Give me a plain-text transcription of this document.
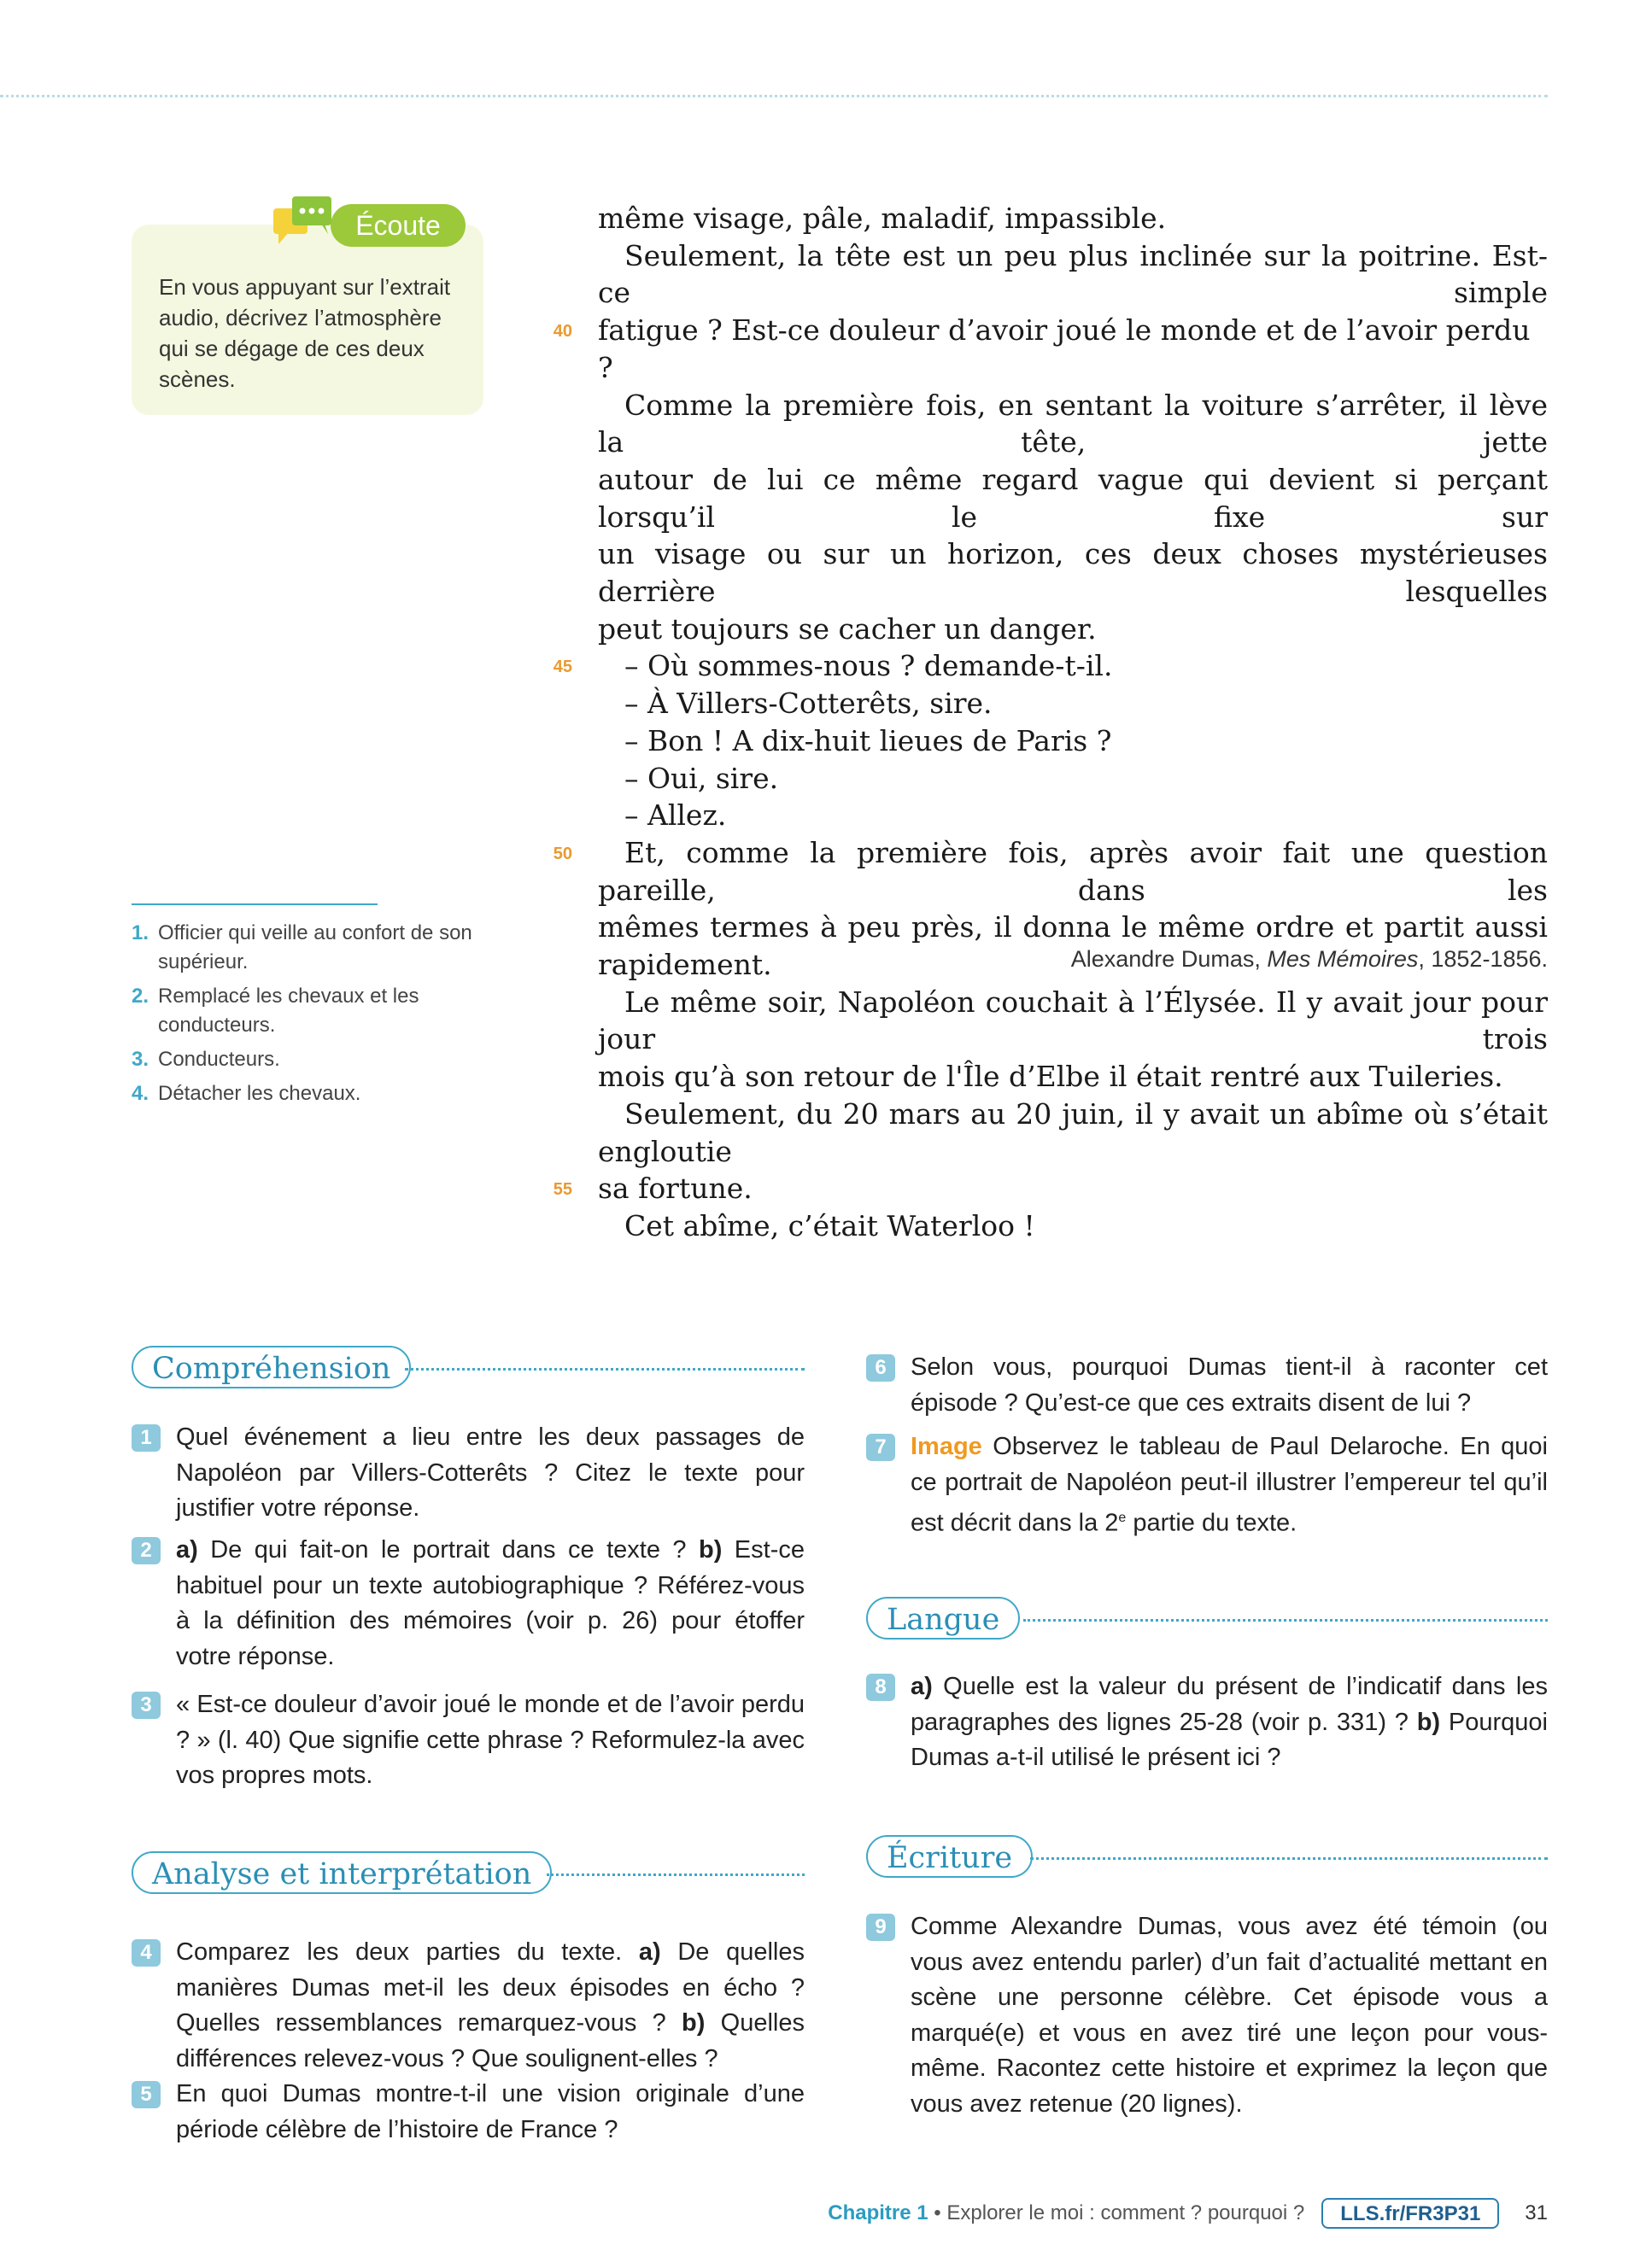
Écoute
En vous appuyant sur l’extrait audio, décrivez l’atmosphère qui se dégage de ces deux scènes.

même visage, pâle, maladif, impassible.

Seulement, la tête est un peu plus inclinée sur la poitrine. Est-ce simple

40 fatigue ? Est-ce douleur d’avoir joué le monde et de l’avoir perdu ?

Comme la première fois, en sentant la voiture s’arrêter, il lève la tête, jette

autour de lui ce même regard vague qui devient si perçant lorsqu’il le fixe sur

un visage ou sur un horizon, ces deux choses mystérieuses derrière lesquelles

peut toujours se cacher un danger.

45	– Où sommes-nous ? demande-t-il.

– À Villers-Cotterêts, sire.

– Bon ! A dix-huit lieues de Paris ?

– Oui, sire.

– Allez.

50	Et, comme la première fois, après avoir fait une question pareille, dans les

mêmes termes à peu près, il donna le même ordre et partit aussi rapidement.

Le même soir, Napoléon couchait à l’Élysée. Il y avait jour pour jour trois

mois qu’à son retour de l'Île d’Elbe il était rentré aux Tuileries.

Seulement, du 20 mars au 20 juin, il y avait un abîme où s’était engloutie

55 sa fortune.

Cet abîme, c’était Waterloo !

Alexandre Dumas, Mes Mémoires, 1852-1856.
1. Officier qui veille au confort de son supérieur.
2. Remplacé les chevaux et les conducteurs.
3. Conducteurs.
4. Détacher les chevaux.
Compréhension
1 Quel événement a lieu entre les deux passages de Napoléon par Villers-Cotterêts ? Citez le texte pour justifier votre réponse.
2 a) De qui fait-on le portrait dans ce texte ? b) Est-ce habituel pour un texte autobiographique ? Référez-vous à la définition des mémoires (voir p. 26) pour étoffer votre réponse.
3 « Est-ce douleur d’avoir joué le monde et de l’avoir perdu ? » (l. 40) Que signifie cette phrase ? Reformulez-la avec vos propres mots.
Analyse et interprétation
4 Comparez les deux parties du texte. a) De quelles manières Dumas met-il les deux épisodes en écho ? Quelles ressemblances remarquez-vous ? b) Quelles différences relevez-vous ? Que soulignent-elles ?
5 En quoi Dumas montre-t-il une vision originale d’une période célèbre de l’histoire de France ?
6 Selon vous, pourquoi Dumas tient-il à raconter cet épisode ? Qu’est-ce que ces extraits disent de lui ?
7 Image Observez le tableau de Paul Delaroche. En quoi ce portrait de Napoléon peut-il illustrer l’empereur tel qu’il est décrit dans la 2e partie du texte.
Langue
8 a) Quelle est la valeur du présent de l’indicatif dans les paragraphes des lignes 25-28 (voir p. 331) ? b) Pourquoi Dumas a-t-il utilisé le présent ici ?
Écriture
9 Comme Alexandre Dumas, vous avez été témoin (ou vous avez entendu parler) d’un fait d’actualité mettant en scène une personne célèbre. Cet épisode vous a marqué(e) et vous en avez tiré une leçon pour vous-même. Racontez cette histoire et exprimez la leçon que vous avez retenue (20 lignes).
Chapitre 1 • Explorer le moi : comment ? pourquoi ?	LLS.fr/FR3P31	31
